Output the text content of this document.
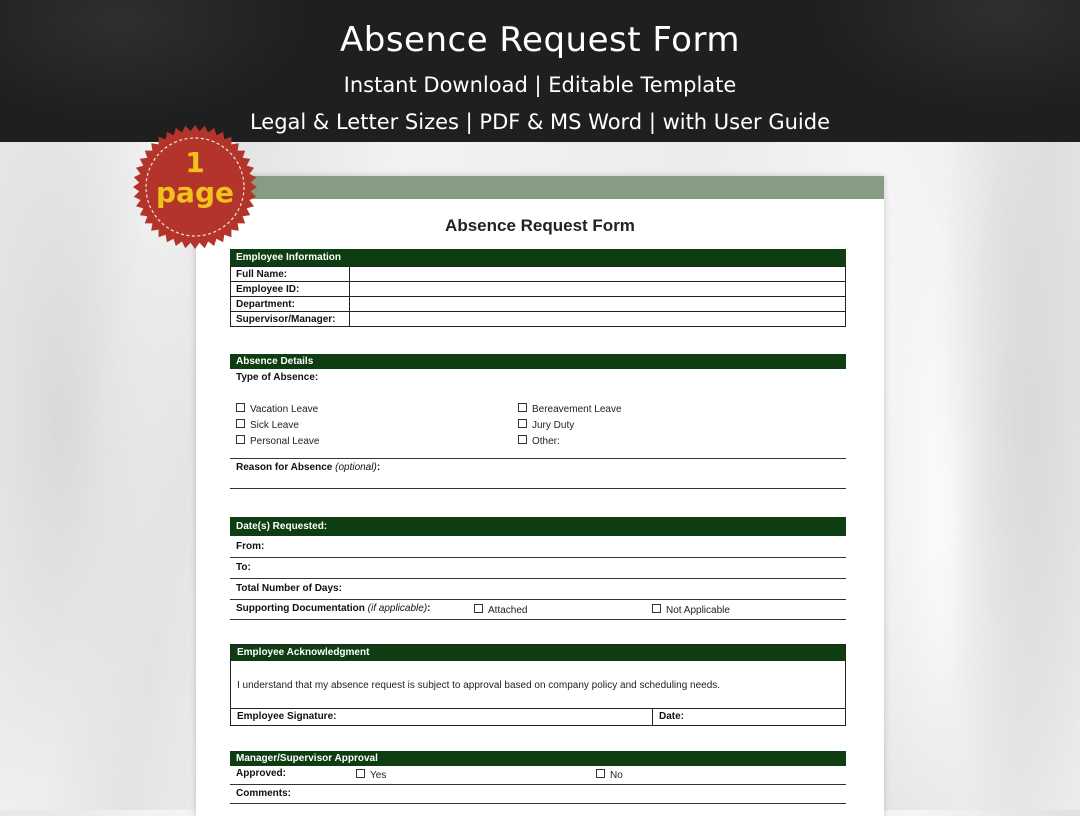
Absence Request Form
Instant Download | Editable Template
Legal & Letter Sizes | PDF & MS Word | with User Guide
Absence Request Form
Employee Information
Full Name:	
Employee ID:	
Department:	
Supervisor/Manager:	
Absence Details
Type of Absence:
Vacation Leave
Sick Leave
Personal Leave
Bereavement Leave
Jury Duty
Other:
Reason for Absence (optional):
Date(s) Requested:
From:
To:
Total Number of Days:
Supporting Documentation (if applicable):	Attached	Not Applicable
Employee Acknowledgment
I understand that my absence request is subject to approval based on company policy and scheduling needs.
Employee Signature:	Date:
Manager/Supervisor Approval
Approved:	Yes	No
Comments:
1
page
